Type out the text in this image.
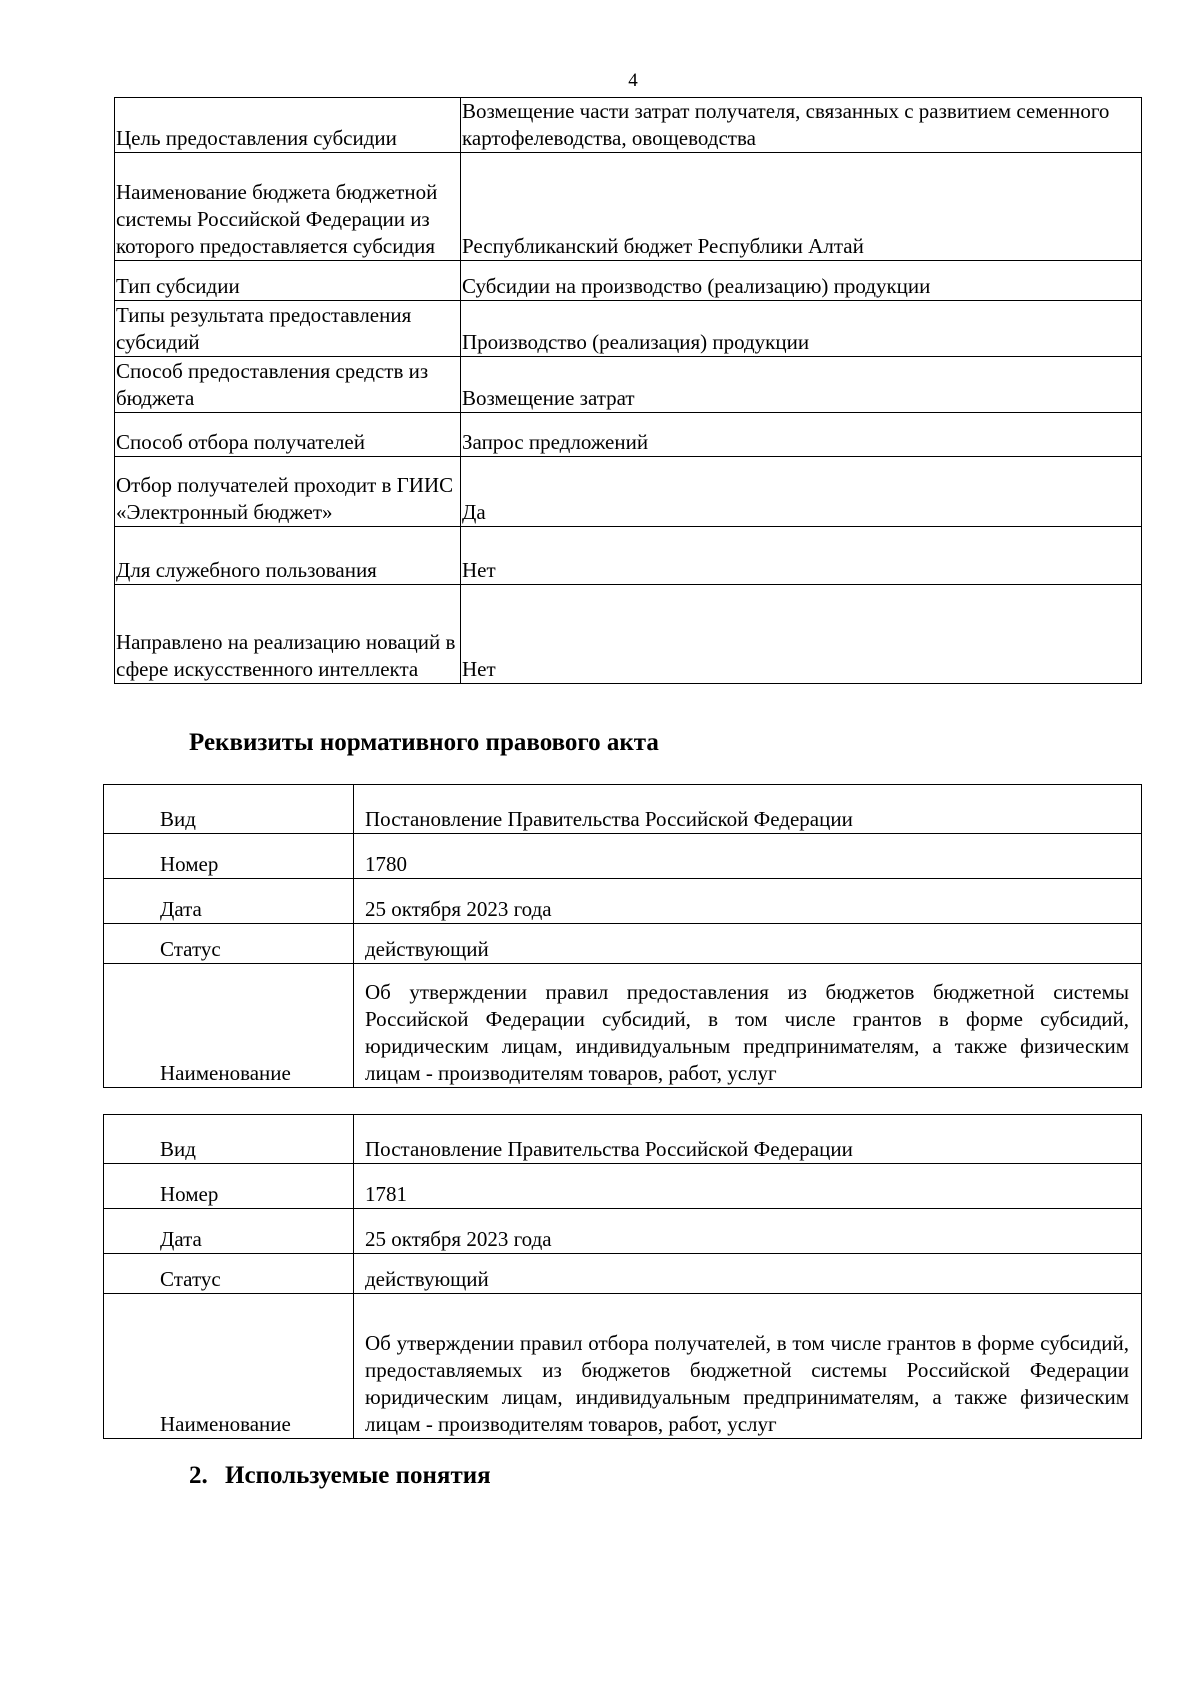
4
Цель предоставления субсидии	Возмещение части затрат получателя, связанных с развитием семенного картофелеводства, овощеводства
Наименование бюджета бюджетной системы Российской Федерации из которого предоставляется субсидия	Республиканский бюджет Республики Алтай
Тип субсидии	Субсидии на производство (реализацию) продукции
Типы результата предоставления субсидий	Производство (реализация) продукции
Способ предоставления средств из бюджета	Возмещение затрат
Способ отбора получателей	Запрос предложений
Отбор получателей проходит в ГИИС «Электронный бюджет»	Да
Для служебного пользования	Нет
Направлено на реализацию новаций в сфере искусственного интеллекта	Нет
Реквизиты нормативного правового акта
Вид	Постановление Правительства Российской Федерации
Номер	1780
Дата	25 октября 2023 года
Статус	действующий
Наименование	Об утверждении правил предоставления из бюджетов бюджетной системы Российской Федерации субсидий, в том числе грантов в форме субсидий, юридическим лицам, индивидуальным предпринимателям, а также физическим лицам - производителям товаров, работ, услуг
Вид	Постановление Правительства Российской Федерации
Номер	1781
Дата	25 октября 2023 года
Статус	действующий
Наименование	Об утверждении правил отбора получателей, в том числе грантов в форме субсидий, предоставляемых из бюджетов бюджетной системы Российской Федерации юридическим лицам, индивидуальным предпринимателям, а также физическим лицам - производителям товаров, работ, услуг
2. Используемые понятия
